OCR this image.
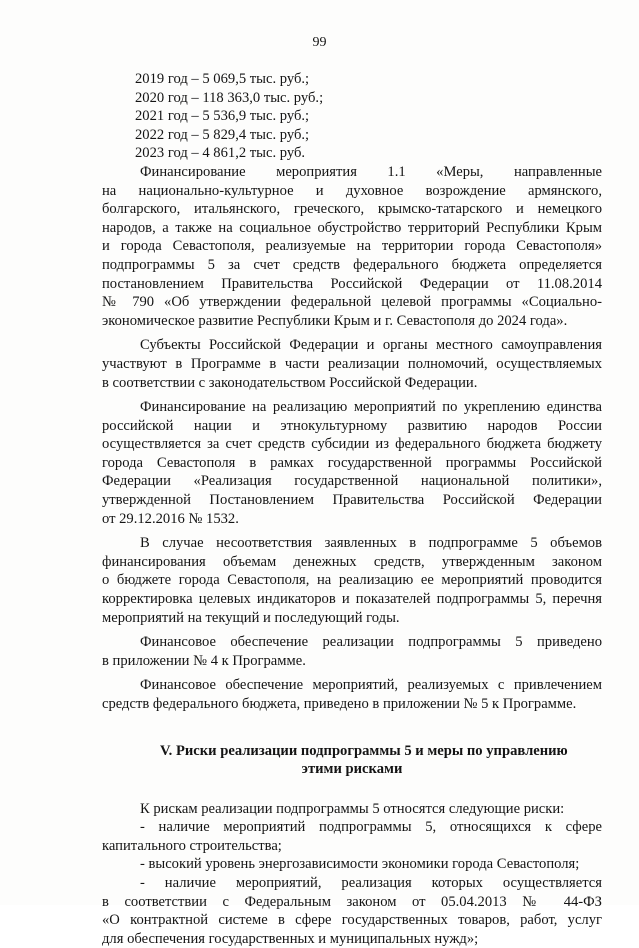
99
2019 год – 5 069,5 тыс. руб.;
2020 год – 118 363,0 тыс. руб.;
2021 год – 5 536,9 тыс. руб.;
2022 год – 5 829,4 тыс. руб.;
2023 год – 4 861,2 тыс. руб.
Финансирование мероприятия 1.1 «Меры, направленные
на национально-культурное и духовное возрождение армянского,
болгарского, итальянского, греческого, крымско-татарского и немецкого
народов, а также на социальное обустройство территорий Республики Крым
и города Севастополя, реализуемые на территории города Севастополя»
подпрограммы 5 за счет средств федерального бюджета определяется
постановлением Правительства Российской Федерации от 11.08.2014
№ 790 «Об утверждении федеральной целевой программы «Социально-
экономическое развитие Республики Крым и г. Севастополя до 2024 года».
Субъекты Российской Федерации и органы местного самоуправления
участвуют в Программе в части реализации полномочий, осуществляемых
в соответствии с законодательством Российской Федерации.
Финансирование на реализацию мероприятий по укреплению единства
российской нации и этнокультурному развитию народов России
осуществляется за счет средств субсидии из федерального бюджета бюджету
города Севастополя в рамках государственной программы Российской
Федерации «Реализация государственной национальной политики»,
утвержденной Постановлением Правительства Российской Федерации
от 29.12.2016 № 1532.
В случае несоответствия заявленных в подпрограмме 5 объемов
финансирования объемам денежных средств, утвержденным законом
о бюджете города Севастополя, на реализацию ее мероприятий проводится
корректировка целевых индикаторов и показателей подпрограммы 5, перечня
мероприятий на текущий и последующий годы.
Финансовое обеспечение реализации подпрограммы 5 приведено
в приложении № 4 к Программе.
Финансовое обеспечение мероприятий, реализуемых с привлечением
средств федерального бюджета, приведено в приложении № 5 к Программе.
V. Риски реализации подпрограммы 5 и меры по управлению
этими рисками
К рискам реализации подпрограммы 5 относятся следующие риски:
- наличие мероприятий подпрограммы 5, относящихся к сфере
капитального строительства;
- высокий уровень энергозависимости экономики города Севастополя;
- наличие мероприятий, реализация которых осуществляется
в соответствии с Федеральным законом от 05.04.2013 № 44-ФЗ
«О контрактной системе в сфере государственных товаров, работ, услуг
для обеспечения государственных и муниципальных нужд»;
